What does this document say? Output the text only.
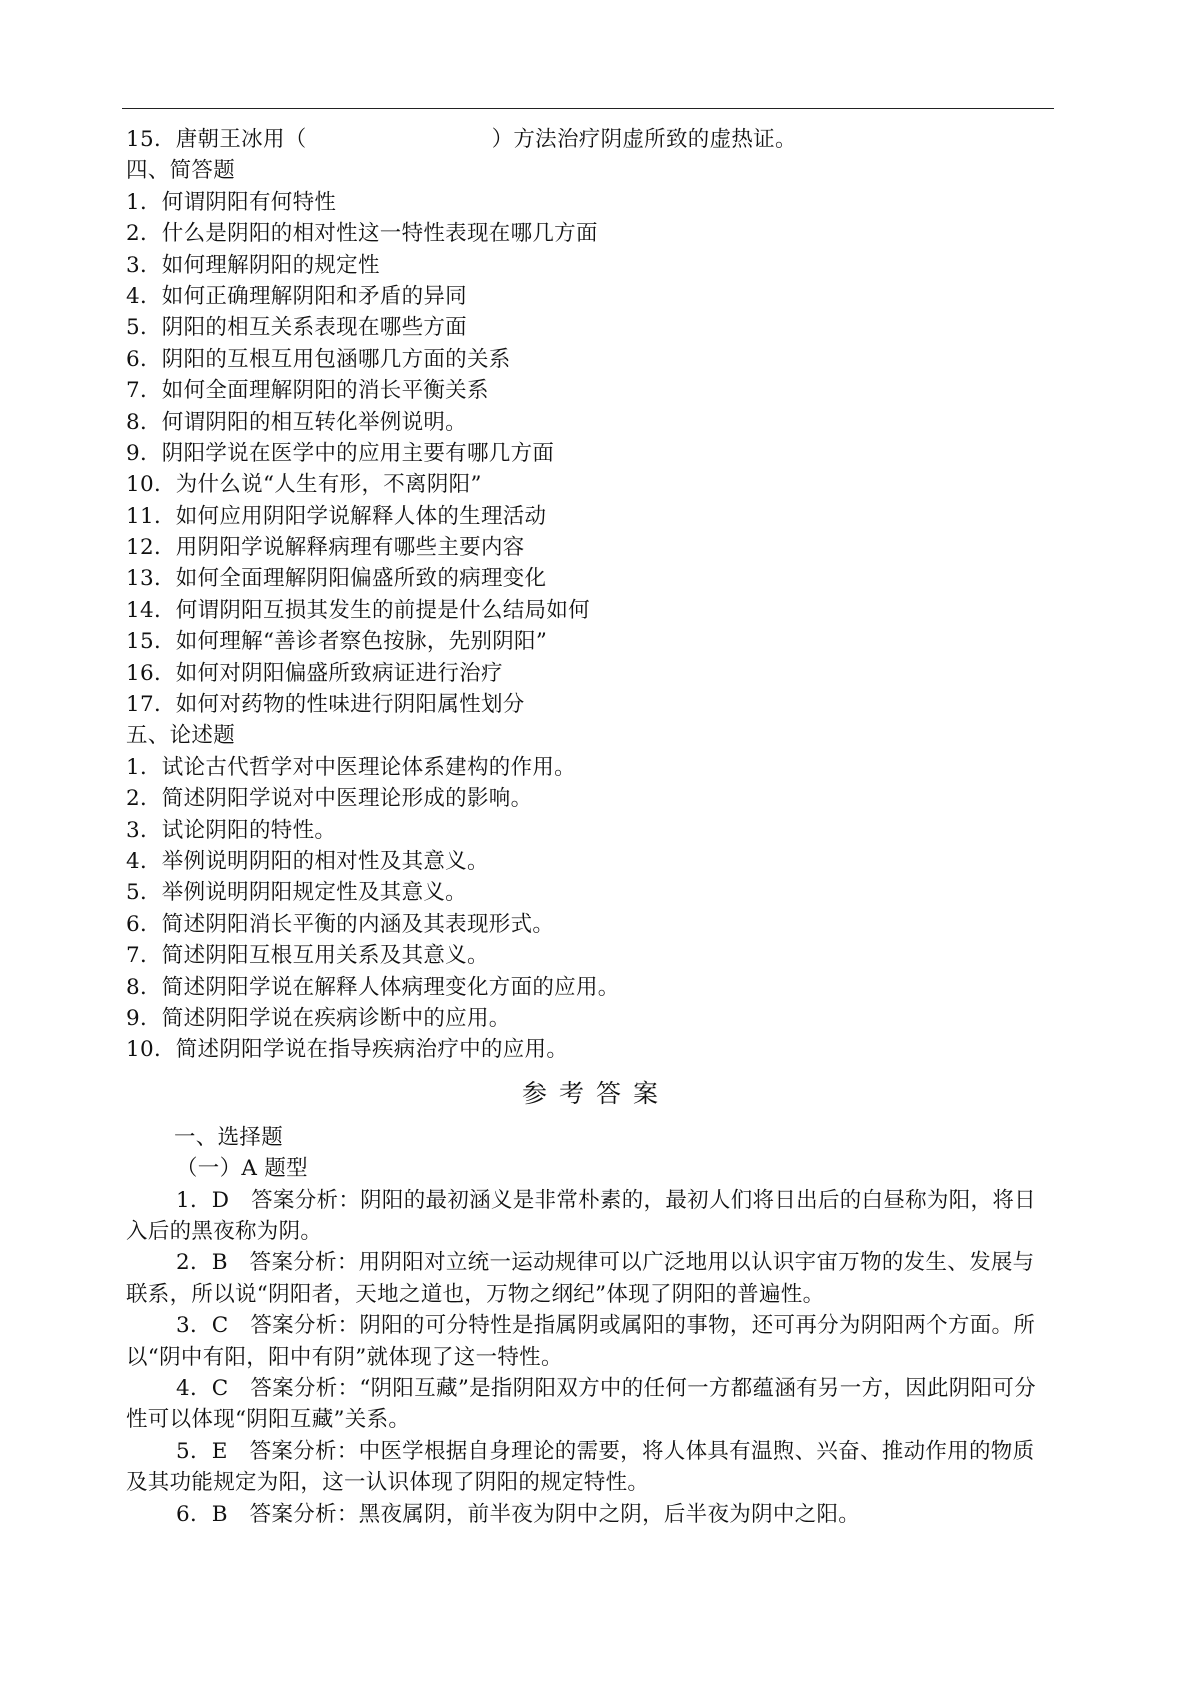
15．唐朝王冰用（	）方法治疗阴虚所致的虚热证。
四、简答题
1．何谓阴阳有何特性
2．什么是阴阳的相对性这一特性表现在哪几方面
3．如何理解阴阳的规定性
4．如何正确理解阴阳和矛盾的异同
5．阴阳的相互关系表现在哪些方面
6．阴阳的互根互用包涵哪几方面的关系
7．如何全面理解阴阳的消长平衡关系
8．何谓阴阳的相互转化举例说明。
9．阴阳学说在医学中的应用主要有哪几方面
10．为什么说“人生有形，不离阴阳”
11．如何应用阴阳学说解释人体的生理活动
12．用阴阳学说解释病理有哪些主要内容
13．如何全面理解阴阳偏盛所致的病理变化
14．何谓阴阳互损其发生的前提是什么结局如何
15．如何理解“善诊者察色按脉，先别阴阳”
16．如何对阴阳偏盛所致病证进行治疗
17．如何对药物的性味进行阴阳属性划分
五、论述题
1．试论古代哲学对中医理论体系建构的作用。
2．简述阴阳学说对中医理论形成的影响。
3．试论阴阳的特性。
4．举例说明阴阳的相对性及其意义。
5．举例说明阴阳规定性及其意义。
6．简述阴阳消长平衡的内涵及其表现形式。
7．简述阴阳互根互用关系及其意义。
8．简述阴阳学说在解释人体病理变化方面的应用。
9．简述阴阳学说在疾病诊断中的应用。
10．简述阴阳学说在指导疾病治疗中的应用。
参考答案
一、选择题
（一）A 题型

1．D　答案分析：阴阳的最初涵义是非常朴素的，最初人们将日出后的白昼称为阳，将日入后的黑夜称为阴。

2．B　答案分析：用阴阳对立统一运动规律可以广泛地用以认识宇宙万物的发生、发展与联系，所以说“阴阳者，天地之道也，万物之纲纪”体现了阴阳的普遍性。

3．C　答案分析：阴阳的可分特性是指属阴或属阳的事物，还可再分为阴阳两个方面。所以“阴中有阳，阳中有阴”就体现了这一特性。

4．C　答案分析：“阴阳互藏”是指阴阳双方中的任何一方都蕴涵有另一方，因此阴阳可分性可以体现“阴阳互藏”关系。

5．E　答案分析：中医学根据自身理论的需要，将人体具有温煦、兴奋、推动作用的物质及其功能规定为阳，这一认识体现了阴阳的规定特性。

6．B　答案分析：黑夜属阴，前半夜为阴中之阴，后半夜为阴中之阳。
